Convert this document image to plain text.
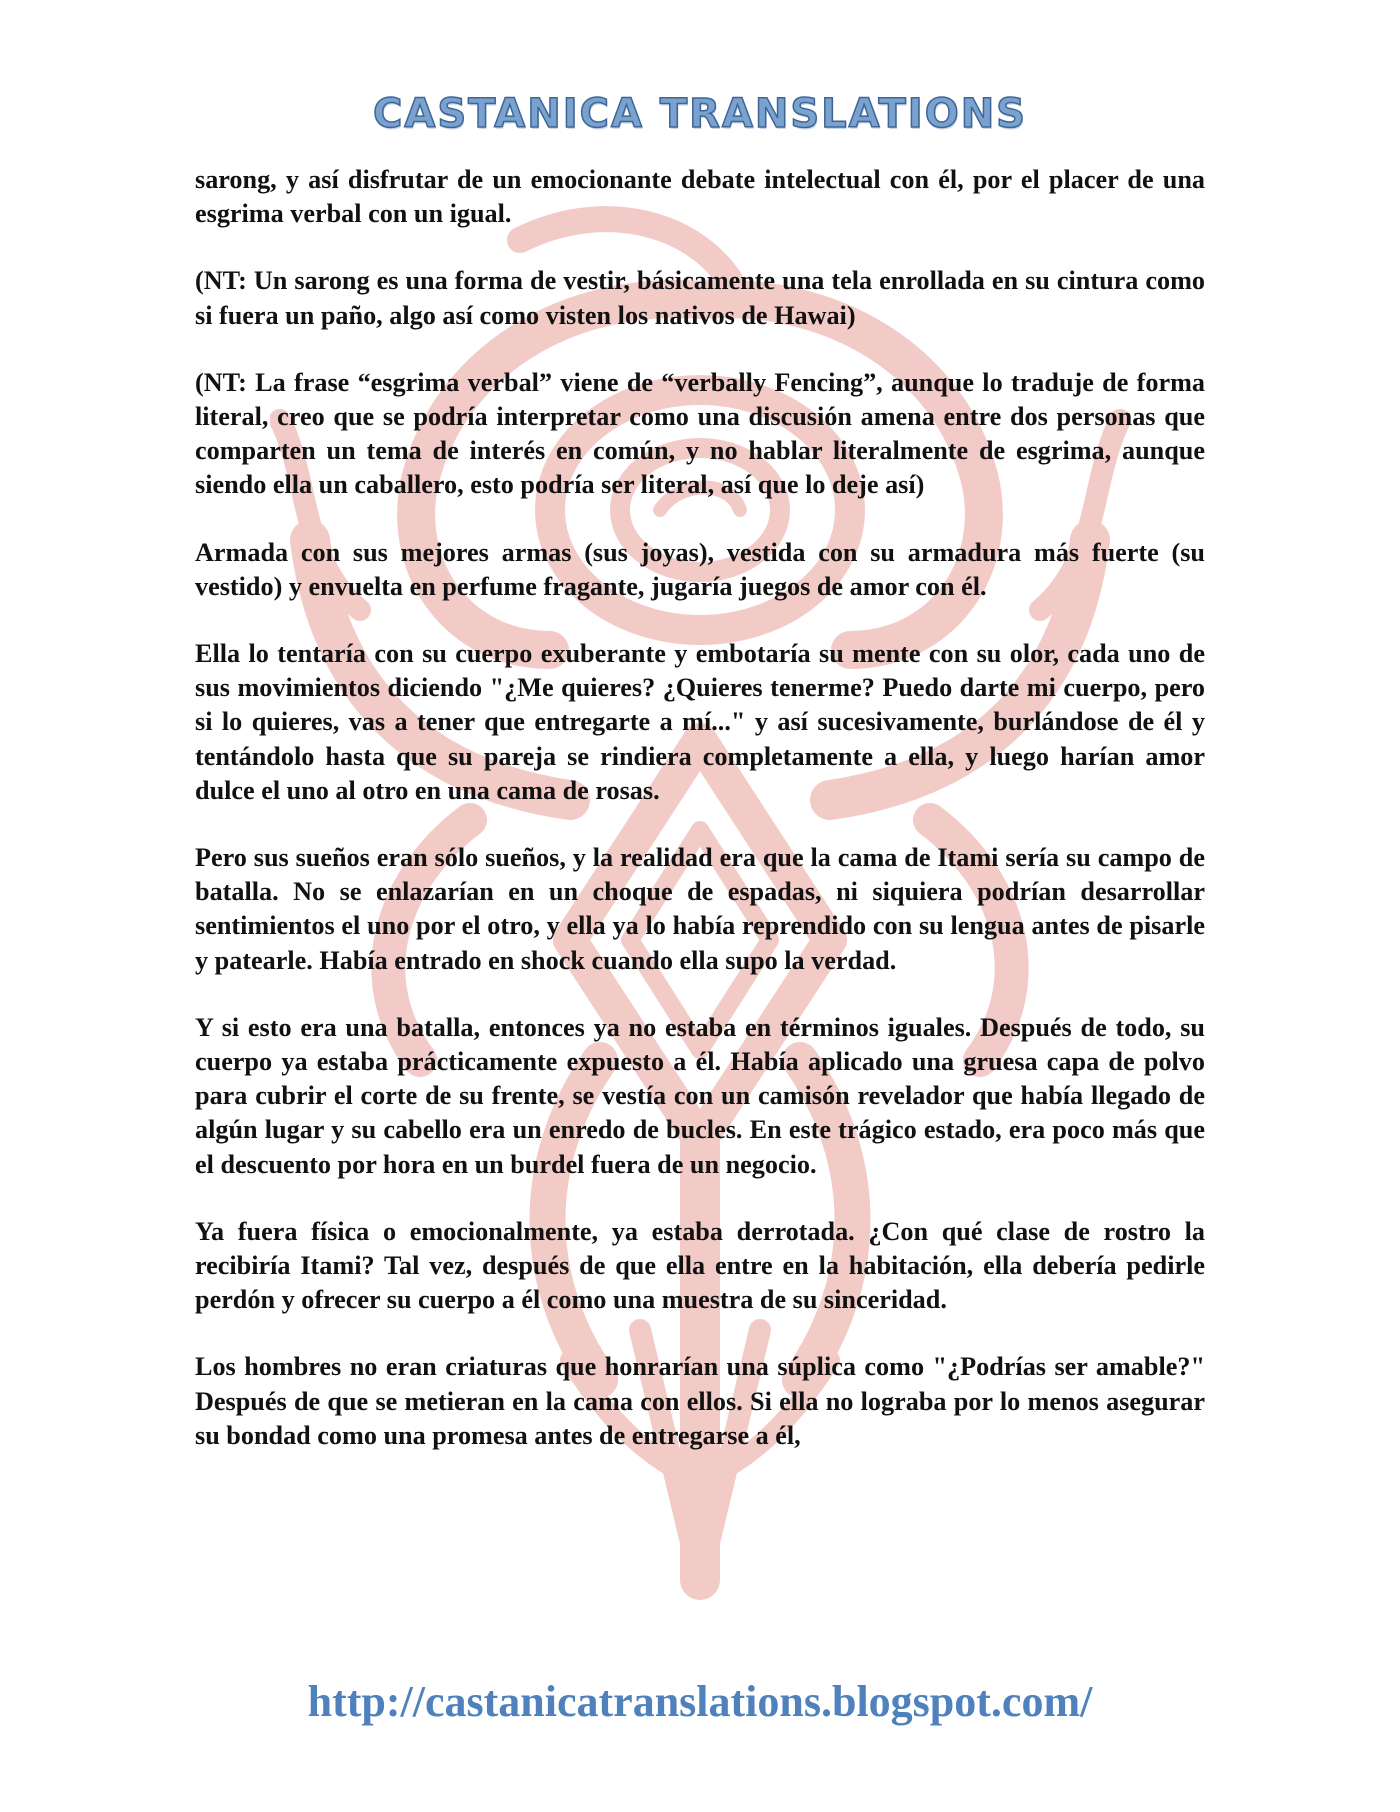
CASTANICA TRANSLATIONS

sarong, y así disfrutar de un emocionante debate intelectual con él, por el placer de una esgrima verbal con un igual.

(NT: Un sarong es una forma de vestir, básicamente una tela enrollada en su cintura como si fuera un paño, algo así como visten los nativos de Hawai)

(NT: La frase “esgrima verbal” viene de “verbally Fencing”, aunque lo traduje de forma literal, creo que se podría interpretar como una discusión amena entre dos personas que comparten un tema de interés en común, y no hablar literalmente de esgrima, aunque siendo ella un caballero, esto podría ser literal, así que lo deje así)

Armada con sus mejores armas (sus joyas), vestida con su armadura más fuerte (su vestido) y envuelta en perfume fragante, jugaría juegos de amor con él.

Ella lo tentaría con su cuerpo exuberante y embotaría su mente con su olor, cada uno de sus movimientos diciendo "¿Me quieres? ¿Quieres tenerme? Puedo darte mi cuerpo, pero si lo quieres, vas a tener que entregarte a mí..." y así sucesivamente, burlándose de él y tentándolo hasta que su pareja se rindiera completamente a ella, y luego harían amor dulce el uno al otro en una cama de rosas.

Pero sus sueños eran sólo sueños, y la realidad era que la cama de Itami sería su campo de batalla. No se enlazarían en un choque de espadas, ni siquiera podrían desarrollar sentimientos el uno por el otro, y ella ya lo había reprendido con su lengua antes de pisarle y patearle. Había entrado en shock cuando ella supo la verdad.

Y si esto era una batalla, entonces ya no estaba en términos iguales. Después de todo, su cuerpo ya estaba prácticamente expuesto a él. Había aplicado una gruesa capa de polvo para cubrir el corte de su frente, se vestía con un camisón revelador que había llegado de algún lugar y su cabello era un enredo de bucles. En este trágico estado, era poco más que el descuento por hora en un burdel fuera de un negocio.

Ya fuera física o emocionalmente, ya estaba derrotada. ¿Con qué clase de rostro la recibiría Itami? Tal vez, después de que ella entre en la habitación, ella debería pedirle perdón y ofrecer su cuerpo a él como una muestra de su sinceridad.

Los hombres no eran criaturas que honrarían una súplica como "¿Podrías ser amable?" Después de que se metieran en la cama con ellos. Si ella no lograba por lo menos asegurar su bondad como una promesa antes de entregarse a él,

http://castanicatranslations.blogspot.com/
